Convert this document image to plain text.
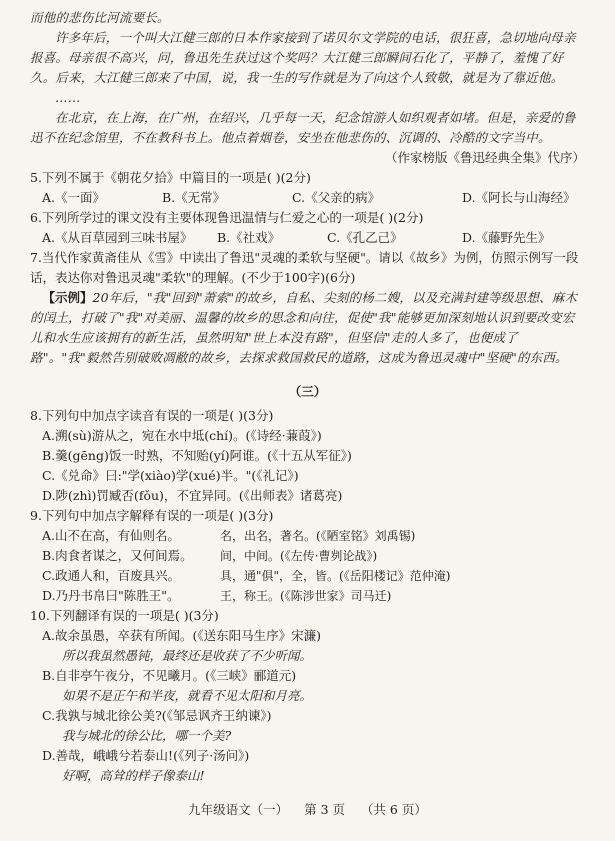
而他的悲伤比河流要长。

许多年后，一个叫大江健三郎的日本作家接到了诺贝尔文学院的电话，很狂喜，急切地向母亲报喜。母亲很不高兴，问，鲁迅先生获过这个奖吗？大江健三郎瞬间石化了，平静了，羞愧了好久。后来，大江健三郎来了中国，说，我一生的写作就是为了向这个人致敬，就是为了靠近他。

……

在北京，在上海，在广州，在绍兴，几乎每一天，纪念馆游人如织观者如堵。但是，亲爱的鲁迅不在纪念馆里，不在教科书上。他点着烟卷，安坐在他悲伤的、沉调的、冷酷的文字当中。

（作家榜版《鲁迅经典全集》代序）

5.下列不属于《朝花夕拾》中篇目的一项是( )(2分)

A.《一面》	B.《无常》	C.《父亲的病》	D.《阿长与山海经》

6.下列所学过的课文没有主要体现鲁迅温情与仁爱之心的一项是( )(2分)

A.《从百草园到三味书屋》	B.《社戏》	C.《孔乙己》	D.《藤野先生》

7.当代作家黄斋佳从《雪》中读出了鲁迅"灵魂的柔软与坚硬"。请以《故乡》为例，仿照示例写一段话，表达你对鲁迅灵魂"柔软"的理解。(不少于100字)(6分)

【示例】20年后，"我"回到"萧索"的故乡，自私、尖刻的杨二嫂，以及充满封建等级思想、麻木的闰土，打破了"我"对美丽、温馨的故乡的思念和向往，促使"我"能够更加深刻地认识到要改变宏儿和水生应该拥有的新生活，虽然明知"世上本没有路"，但坚信"走的人多了，也便成了路"。"我"毅然告别破败凋敝的故乡，去探求救国救民的道路，这成为鲁迅灵魂中"坚硬"的东西。

（三）

8.下列句中加点字读音有误的一项是( )(3分)

A.溯(sù)游从之，宛在水中坻(chí)。(《诗经·蒹葭》)

B.羹(gēng)饭一时熟，不知贻(yí)阿谁。(《十五从军征》)

C.《兑命》曰:"学(xiào)学(xué)半。"(《礼记》)

D.陟(zhì)罚臧否(fǒu)，不宜异同。(《出师表》诸葛亮)

9.下列句中加点字解释有误的一项是( )(3分)

A.山不在高，有仙则名。	名，出名，著名。(《陋室铭》刘禹锡)
B.肉食者谋之，又何间焉。	间，中间。(《左传·曹刿论战》)
C.政通人和，百废具兴。	具，通"俱"，全，皆。(《岳阳楼记》范仲淹)
D.乃丹书帛曰"陈胜王"。	王，称王。(《陈涉世家》司马迁)

10.下列翻译有误的一项是( )(3分)

A.故余虽愚，卒获有所闻。(《送东阳马生序》宋濂)

所以我虽然愚钝，最终还是收获了不少听闻。

B.自非亭午夜分，不见曦月。(《三峡》郦道元)

如果不是正午和半夜，就看不见太阳和月亮。

C.我孰与城北徐公美?(《邹忌讽齐王纳谏》)

我与城北的徐公比，哪一个美?

D.善哉，峨峨兮若泰山!(《列子·汤问》)

好啊，高耸的样子像泰山!

九年级语文（一） 第 3 页 （共 6 页）
